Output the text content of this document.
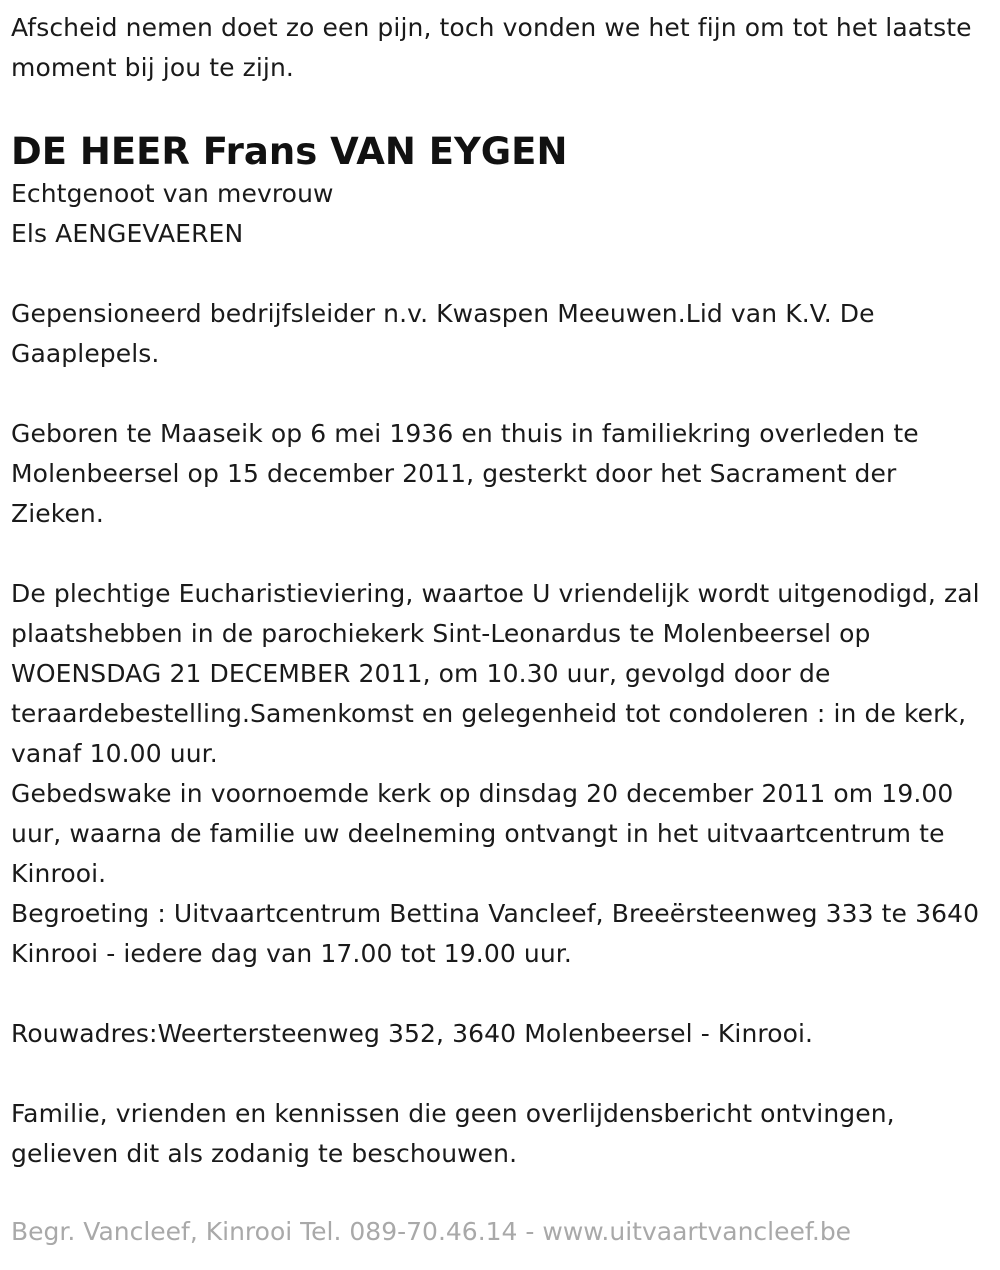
Afscheid nemen doet zo een pijn, toch vonden we het fijn om tot het laatste moment bij jou te zijn.

DE HEER Frans VAN EYGEN

Echtgenoot van mevrouw
Els AENGEVAEREN

Gepensioneerd bedrijfsleider n.v. Kwaspen Meeuwen.Lid van K.V. De Gaaplepels.

Geboren te Maaseik op 6 mei 1936 en thuis in familiekring overleden te Molenbeersel op 15 december 2011, gesterkt door het Sacrament der Zieken.

De plechtige Eucharistieviering, waartoe U vriendelijk wordt uitgenodigd, zal plaatshebben in de parochiekerk Sint-Leonardus te Molenbeersel op WOENSDAG 21 DECEMBER 2011, om 10.30 uur, gevolgd door de teraardebestelling.Samenkomst en gelegenheid tot condoleren : in de kerk, vanaf 10.00 uur.

Gebedswake in voornoemde kerk op dinsdag 20 december 2011 om 19.00 uur, waarna de familie uw deelneming ontvangt in het uitvaartcentrum te Kinrooi.

Begroeting : Uitvaartcentrum Bettina Vancleef, Breeërsteenweg 333 te 3640 Kinrooi - iedere dag van 17.00 tot 19.00 uur.

Rouwadres:Weertersteenweg 352, 3640 Molenbeersel - Kinrooi.

Familie, vrienden en kennissen die geen overlijdensbericht ontvingen, gelieven dit als zodanig te beschouwen.

Begr. Vancleef, Kinrooi Tel. 089-70.46.14 - www.uitvaartvancleef.be
